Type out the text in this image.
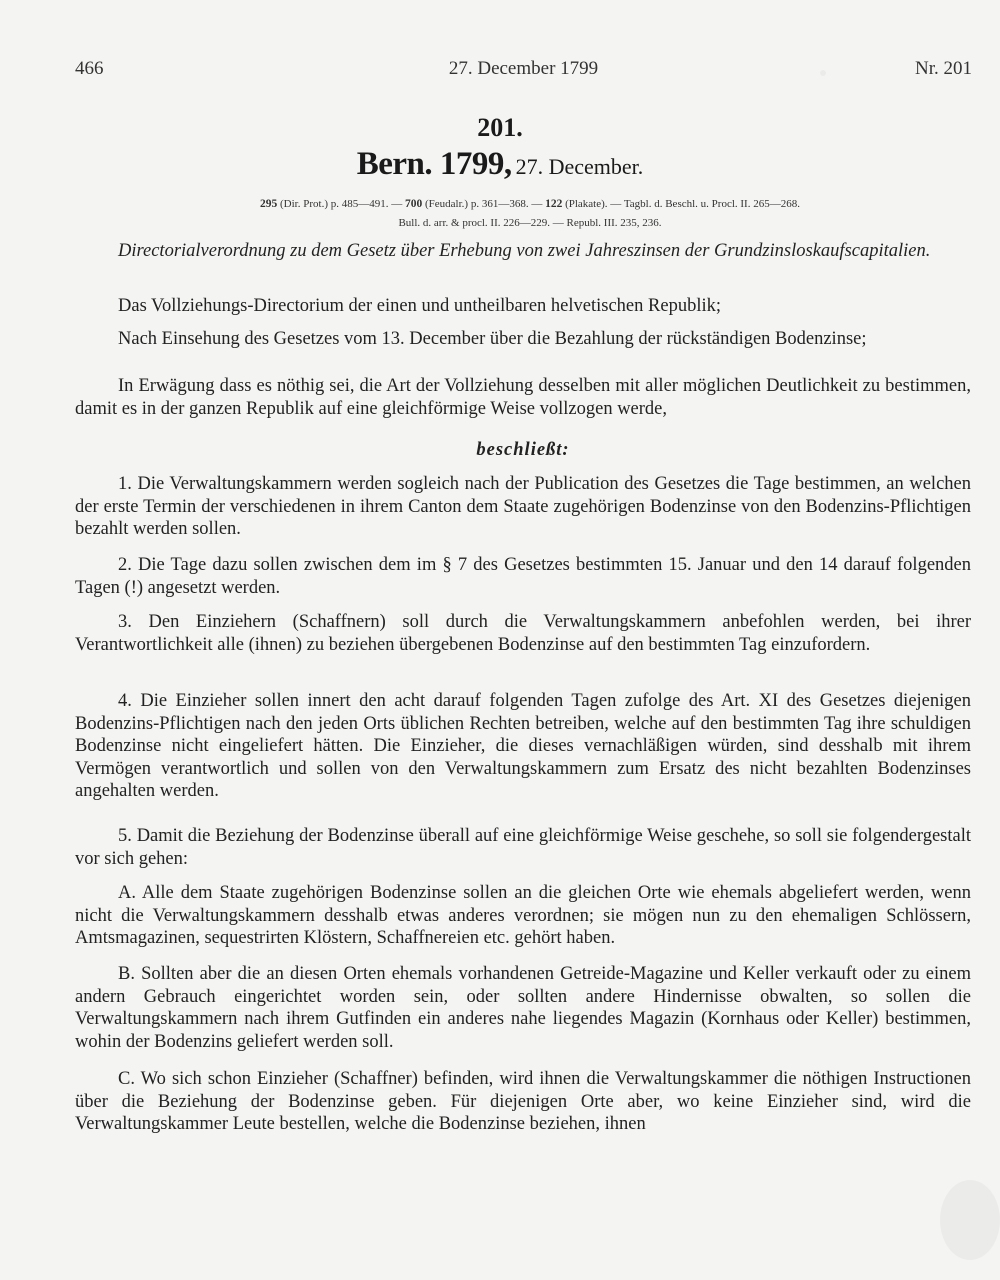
466	27. December 1799	Nr. 201
201.
Bern. 1799, 27. December.
295 (Dir. Prot.) p. 485—491. — 700 (Feudalr.) p. 361—368. — 122 (Plakate). — Tagbl. d. Beschl. u. Procl. II. 265—268.
Bull. d. arr. & procl. II. 226—229. — Republ. III. 235, 236.
Directorialverordnung zu dem Gesetz über Erhebung von zwei Jahreszinsen der Grundzinsloskaufscapitalien.
Das Vollziehungs-Directorium der einen und untheilbaren helvetischen Republik;
Nach Einsehung des Gesetzes vom 13. December über die Bezahlung der rückständigen Bodenzinse;
In Erwägung dass es nöthig sei, die Art der Vollziehung desselben mit aller möglichen Deutlichkeit zu bestimmen, damit es in der ganzen Republik auf eine gleichförmige Weise vollzogen werde,
beschließt:
1. Die Verwaltungskammern werden sogleich nach der Publication des Gesetzes die Tage bestimmen, an welchen der erste Termin der verschiedenen in ihrem Canton dem Staate zugehörigen Bodenzinse von den Bodenzins-Pflichtigen bezahlt werden sollen.
2. Die Tage dazu sollen zwischen dem im § 7 des Gesetzes bestimmten 15. Januar und den 14 darauf folgenden Tagen (!) angesetzt werden.
3. Den Einziehern (Schaffnern) soll durch die Verwaltungskammern anbefohlen werden, bei ihrer Verantwortlichkeit alle (ihnen) zu beziehen übergebenen Bodenzinse auf den bestimmten Tag einzufordern.
4. Die Einzieher sollen innert den acht darauf folgenden Tagen zufolge des Art. XI des Gesetzes diejenigen Bodenzins-Pflichtigen nach den jeden Orts üblichen Rechten betreiben, welche auf den bestimmten Tag ihre schuldigen Bodenzinse nicht eingeliefert hätten. Die Einzieher, die dieses vernachläßigen würden, sind desshalb mit ihrem Vermögen verantwortlich und sollen von den Verwaltungskammern zum Ersatz des nicht bezahlten Bodenzinses angehalten werden.
5. Damit die Beziehung der Bodenzinse überall auf eine gleichförmige Weise geschehe, so soll sie folgendergestalt vor sich gehen:
A. Alle dem Staate zugehörigen Bodenzinse sollen an die gleichen Orte wie ehemals abgeliefert werden, wenn nicht die Verwaltungskammern desshalb etwas anderes verordnen; sie mögen nun zu den ehemaligen Schlössern, Amtsmagazinen, sequestrirten Klöstern, Schaffnereien etc. gehört haben.
B. Sollten aber die an diesen Orten ehemals vorhandenen Getreide-Magazine und Keller verkauft oder zu einem andern Gebrauch eingerichtet worden sein, oder sollten andere Hindernisse obwalten, so sollen die Verwaltungskammern nach ihrem Gutfinden ein anderes nahe liegendes Magazin (Kornhaus oder Keller) bestimmen, wohin der Bodenzins geliefert werden soll.
C. Wo sich schon Einzieher (Schaffner) befinden, wird ihnen die Verwaltungskammer die nöthigen Instructionen über die Beziehung der Bodenzinse geben. Für diejenigen Orte aber, wo keine Einzieher sind, wird die Verwaltungskammer Leute bestellen, welche die Bodenzinse beziehen, ihnen
